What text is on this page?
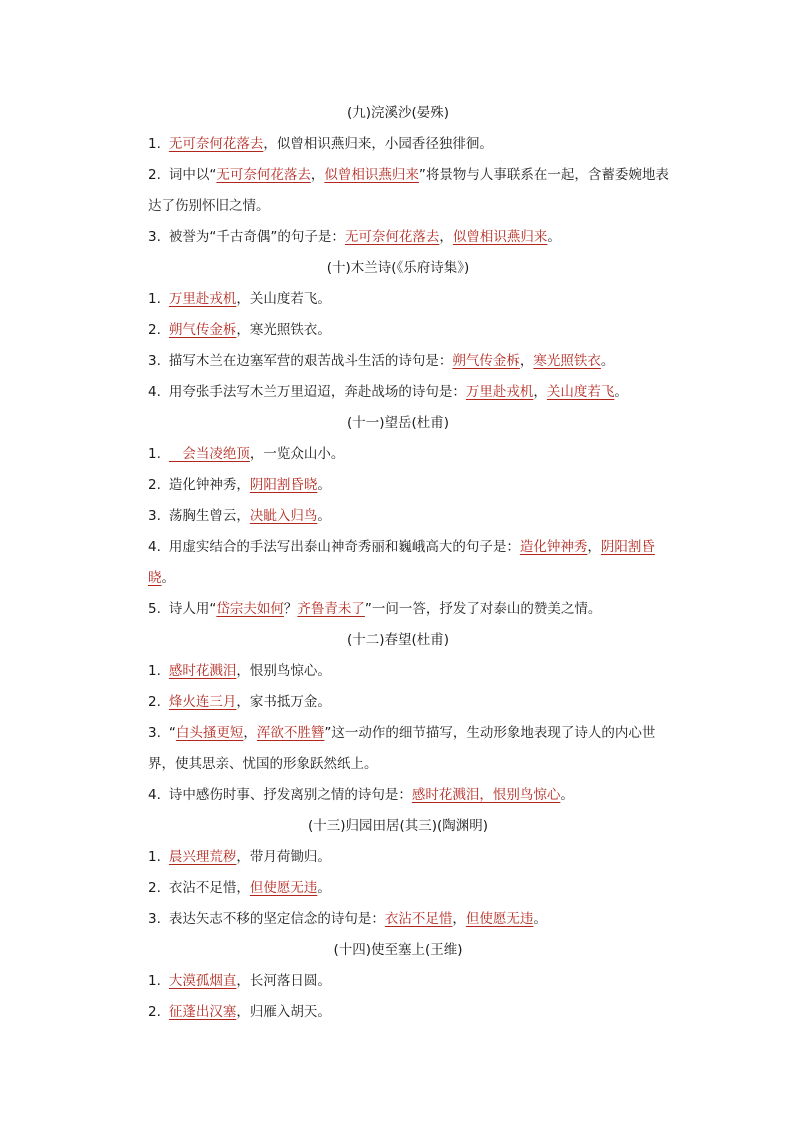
(九)浣溪沙(晏殊)
1. 无可奈何花落去，似曾相识燕归来，小园香径独徘徊。
2. 词中以“无可奈何花落去，似曾相识燕归来”将景物与人事联系在一起，含蓄委婉地表达了伤别怀旧之情。
3. 被誉为“千古奇偶”的句子是：无可奈何花落去，似曾相识燕归来。
(十)木兰诗(《乐府诗集》)
1. 万里赴戎机，关山度若飞。
2. 朔气传金柝，寒光照铁衣。
3. 描写木兰在边塞军营的艰苦战斗生活的诗句是：朔气传金柝，寒光照铁衣。
4. 用夸张手法写木兰万里迢迢，奔赴战场的诗句是：万里赴戎机，关山度若飞。
(十一)望岳(杜甫)
1.　会当凌绝顶，一览众山小。
2. 造化钟神秀，阴阳割昏晓。
3. 荡胸生曾云，决眦入归鸟。
4. 用虚实结合的手法写出泰山神奇秀丽和巍峨高大的句子是：造化钟神秀，阴阳割昏晓。
5. 诗人用“岱宗夫如何？齐鲁青未了”一问一答，抒发了对泰山的赞美之情。
(十二)春望(杜甫)
1. 感时花溅泪，恨别鸟惊心。
2. 烽火连三月，家书抵万金。
3. “白头搔更短，浑欲不胜簪”这一动作的细节描写，生动形象地表现了诗人的内心世界，使其思亲、忧国的形象跃然纸上。
4. 诗中感伤时事、抒发离别之情的诗句是：感时花溅泪，恨别鸟惊心。
(十三)归园田居(其三)(陶渊明)
1. 晨兴理荒秽，带月荷锄归。
2. 衣沾不足惜，但使愿无违。
3. 表达矢志不移的坚定信念的诗句是：衣沾不足惜，但使愿无违。
(十四)使至塞上(王维)
1. 大漠孤烟直，长河落日圆。
2. 征蓬出汉塞，归雁入胡天。
